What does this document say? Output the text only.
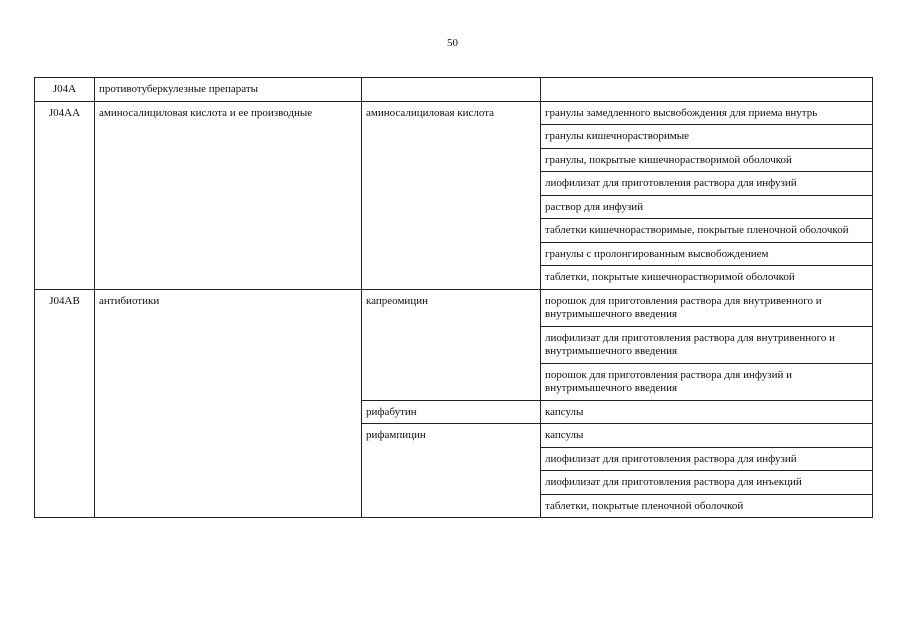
50
J04A	противотуберкулезные препараты		
J04AA	аминосалициловая кислота и ее производные	аминосалициловая кислота	гранулы замедленного высвобождения для приема внутрь
			гранулы кишечнорастворимые
			гранулы, покрытые кишечнорастворимой оболочкой
			лиофилизат для приготовления раствора для инфузий
			раствор для инфузий
			таблетки кишечнорастворимые, покрытые пленочной оболочкой
			гранулы с пролонгированным высвобождением
			таблетки, покрытые кишечнорастворимой оболочкой
J04AB	антибиотики	капреомицин	порошок для приготовления раствора для внутривенного и внутримышечного введения
			лиофилизат для приготовления раствора для внутривенного и внутримышечного введения
			порошок для приготовления раствора для инфузий и внутримышечного введения
		рифабутин	капсулы
		рифампицин	капсулы
			лиофилизат для приготовления раствора для инфузий
			лиофилизат для приготовления раствора для инъекций
			таблетки, покрытые пленочной оболочкой
